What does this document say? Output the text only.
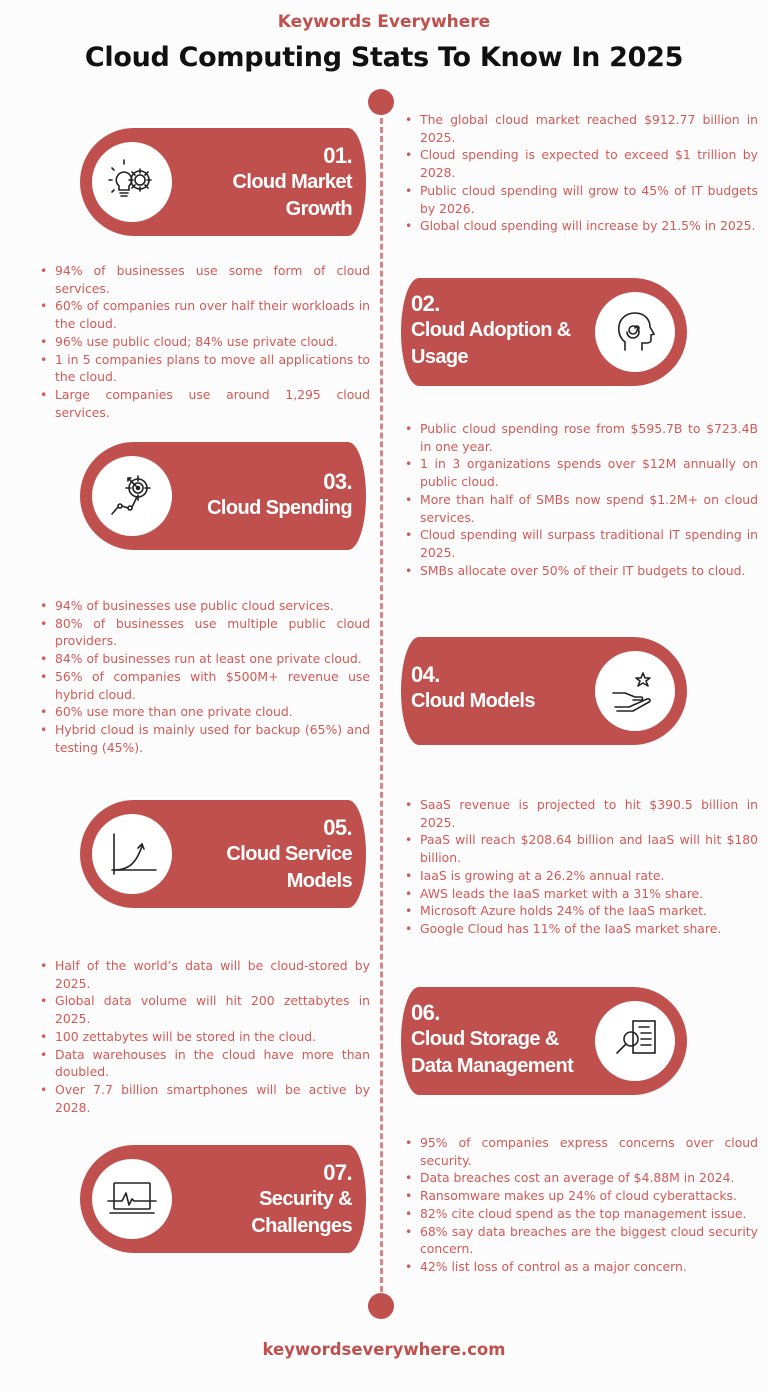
Keywords Everywhere
Cloud Computing Stats To Know In 2025
01.
Cloud Market
Growth
• The global cloud market reached $912.77 billion in 2025.
• Cloud spending is expected to exceed $1 trillion by 2028.
• Public cloud spending will grow to 45% of IT budgets by 2026.
• Global cloud spending will increase by 21.5% in 2025.
• 94% of businesses use some form of cloud services.
• 60% of companies run over half their workloads in the cloud.
• 96% use public cloud; 84% use private cloud.
• 1 in 5 companies plans to move all applications to the cloud.
• Large companies use around 1,295 cloud services.
02.
Cloud Adoption &
Usage
03.
Cloud Spending
• Public cloud spending rose from $595.7B to $723.4B in one year.
• 1 in 3 organizations spends over $12M annually on public cloud.
• More than half of SMBs now spend $1.2M+ on cloud services.
• Cloud spending will surpass traditional IT spending in 2025.
• SMBs allocate over 50% of their IT budgets to cloud.
• 94% of businesses use public cloud services.
• 80% of businesses use multiple public cloud providers.
• 84% of businesses run at least one private cloud.
• 56% of companies with $500M+ revenue use hybrid cloud.
• 60% use more than one private cloud.
• Hybrid cloud is mainly used for backup (65%) and testing (45%).
04.
Cloud Models
05.
Cloud Service
Models
• SaaS revenue is projected to hit $390.5 billion in 2025.
• PaaS will reach $208.64 billion and IaaS will hit $180 billion.
• IaaS is growing at a 26.2% annual rate.
• AWS leads the IaaS market with a 31% share.
• Microsoft Azure holds 24% of the IaaS market.
• Google Cloud has 11% of the IaaS market share.
• Half of the world’s data will be cloud-stored by 2025.
• Global data volume will hit 200 zettabytes in 2025.
• 100 zettabytes will be stored in the cloud.
• Data warehouses in the cloud have more than doubled.
• Over 7.7 billion smartphones will be active by 2028.
06.
Cloud Storage &
Data Management
07.
Security &
Challenges
• 95% of companies express concerns over cloud security.
• Data breaches cost an average of $4.88M in 2024.
• Ransomware makes up 24% of cloud cyberattacks.
• 82% cite cloud spend as the top management issue.
• 68% say data breaches are the biggest cloud security concern.
• 42% list loss of control as a major concern.
keywordseverywhere.com
